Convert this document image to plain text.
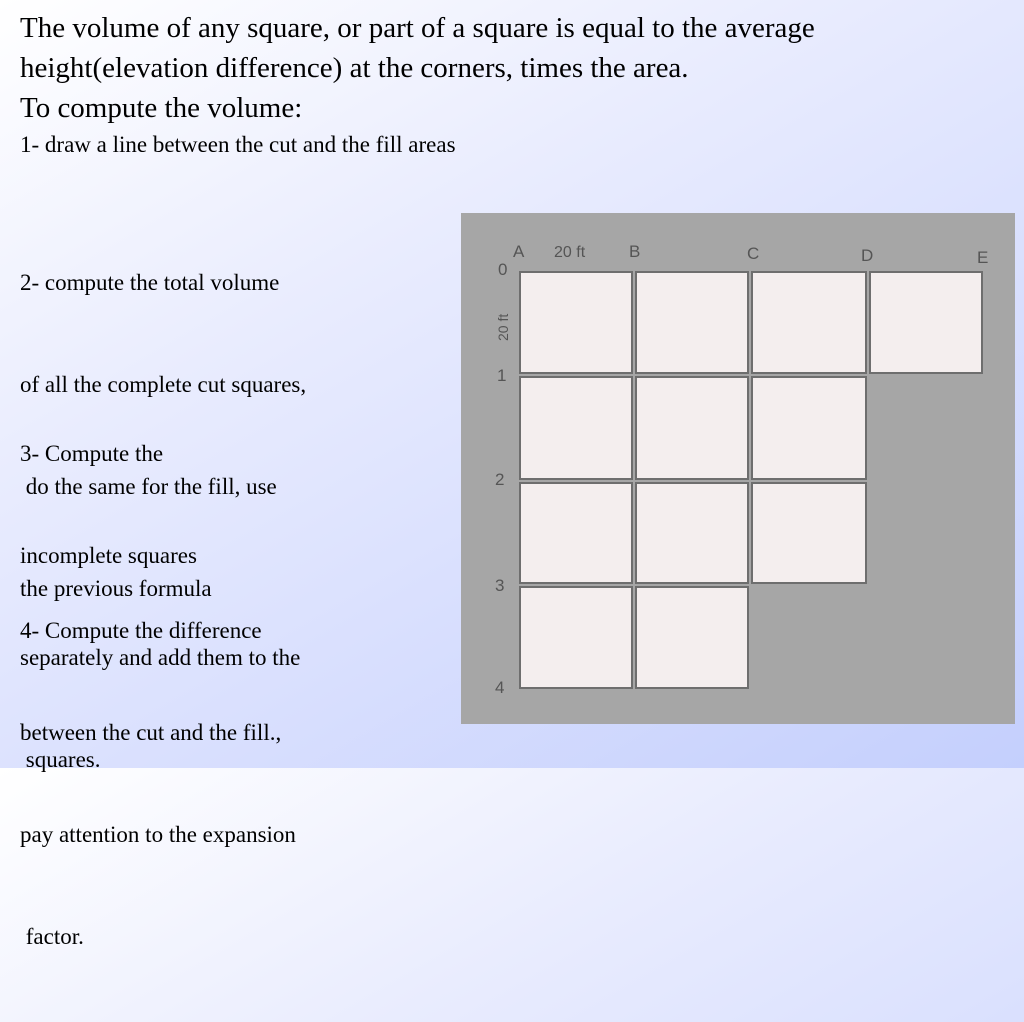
The volume of any square, or part of a square is equal to the average
height(elevation difference) at the corners, times the area.
To compute the volume:

1- draw a line between the cut and the fill areas

2- compute the total volume

of all the complete cut squares,

do the same for the fill, use

the previous formula

3- Compute the

incomplete squares

separately and add them to the

squares.

4- Compute the difference

between the cut and the fill.,

pay attention to the expansion

factor.

A 20 ft	B	C	D	E
0
20 ft
1
2
3
4
